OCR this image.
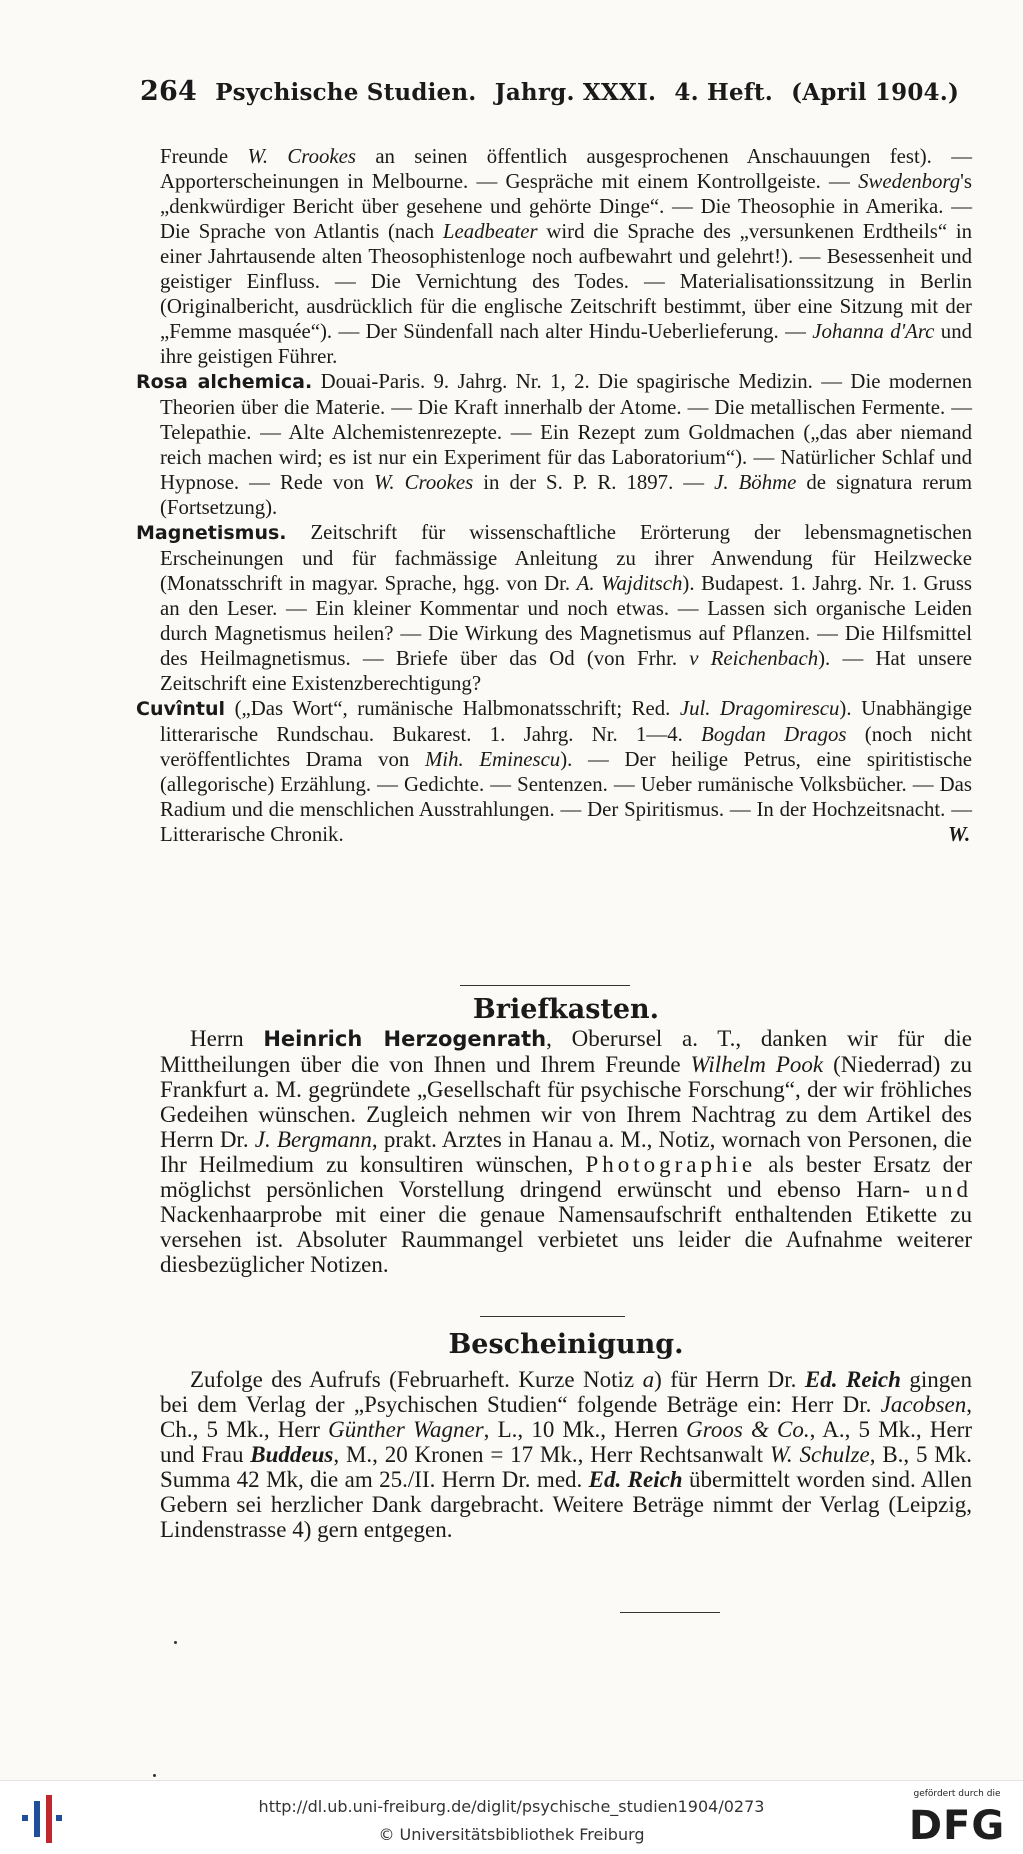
264 Psychische Studien. Jahrg. XXXI. 4. Heft. (April 1904.)

Freunde W. Crookes an seinen öffentlich ausgesprochenen Anschauungen fest). — Apporterscheinungen in Melbourne. — Gespräche mit einem Kontrollgeiste. — Swedenborg's „denkwürdiger Bericht über gesehene und gehörte Dinge“. — Die Theosophie in Amerika. — Die Sprache von Atlantis (nach Leadbeater wird die Sprache des „versunkenen Erdtheils“ in einer Jahrtausende alten Theosophistenloge noch aufbewahrt und gelehrt!). — Besessenheit und geistiger Einfluss. — Die Vernichtung des Todes. — Materialisationssitzung in Berlin (Originalbericht, ausdrücklich für die englische Zeitschrift bestimmt, über eine Sitzung mit der „Femme masquée“). — Der Sündenfall nach alter Hindu-Ueberlieferung. — Johanna d'Arc und ihre geistigen Führer.

Rosa alchemica. Douai-Paris. 9. Jahrg. Nr. 1, 2. Die spagirische Medizin. — Die modernen Theorien über die Materie. — Die Kraft innerhalb der Atome. — Die metallischen Fermente. — Telepathie. — Alte Alchemistenrezepte. — Ein Rezept zum Goldmachen („das aber niemand reich machen wird; es ist nur ein Experiment für das Laboratorium“). — Natürlicher Schlaf und Hypnose. — Rede von W. Crookes in der S. P. R. 1897. — J. Böhme de signatura rerum (Fortsetzung).

Magnetismus. Zeitschrift für wissenschaftliche Erörterung der lebensmagnetischen Erscheinungen und für fachmässige Anleitung zu ihrer Anwendung für Heilzwecke (Monatsschrift in magyar. Sprache, hgg. von Dr. A. Wajditsch). Budapest. 1. Jahrg. Nr. 1. Gruss an den Leser. — Ein kleiner Kommentar und noch etwas. — Lassen sich organische Leiden durch Magnetismus heilen? — Die Wirkung des Magnetismus auf Pflanzen. — Die Hilfsmittel des Heilmagnetismus. — Briefe über das Od (von Frhr. v Reichenbach). — Hat unsere Zeitschrift eine Existenzberechtigung?

Cuvîntul („Das Wort“, rumänische Halbmonatsschrift; Red. Jul. Dragomirescu). Unabhängige litterarische Rundschau. Bukarest. 1. Jahrg. Nr. 1—4. Bogdan Dragos (noch nicht veröffentlichtes Drama von Mih. Eminescu). — Der heilige Petrus, eine spiritistische (allegorische) Erzählung. — Gedichte. — Sentenzen. — Ueber rumänische Volksbücher. — Das Radium und die menschlichen Ausstrahlungen. — Der Spiritismus. — In der Hochzeitsnacht. — Litterarische Chronik.	W.

Briefkasten.

Herrn Heinrich Herzogenrath, Oberursel a. T., danken wir für die Mittheilungen über die von Ihnen und Ihrem Freunde Wilhelm Pook (Niederrad) zu Frankfurt a. M. gegründete „Gesellschaft für psychische Forschung“, der wir fröhliches Gedeihen wünschen. Zugleich nehmen wir von Ihrem Nachtrag zu dem Artikel des Herrn Dr. J. Bergmann, prakt. Arztes in Hanau a. M., Notiz, wornach von Personen, die Ihr Heilmedium zu konsultiren wünschen, Photographie als bester Ersatz der möglichst persönlichen Vorstellung dringend erwünscht und ebenso Harn- und Nackenhaarprobe mit einer die genaue Namensaufschrift enthaltenden Etikette zu versehen ist. Absoluter Raummangel verbietet uns leider die Aufnahme weiterer diesbezüglicher Notizen.

Bescheinigung.

Zufolge des Aufrufs (Februarheft. Kurze Notiz a) für Herrn Dr. Ed. Reich gingen bei dem Verlag der „Psychischen Studien“ folgende Beträge ein: Herr Dr. Jacobsen, Ch., 5 Mk., Herr Günther Wagner, L., 10 Mk., Herren Groos & Co., A., 5 Mk., Herr und Frau Buddeus, M., 20 Kronen = 17 Mk., Herr Rechtsanwalt W. Schulze, B., 5 Mk. Summa 42 Mk, die am 25./II. Herrn Dr. med. Ed. Reich übermittelt worden sind. Allen Gebern sei herzlicher Dank dargebracht. Weitere Beträge nimmt der Verlag (Leipzig, Lindenstrasse 4) gern entgegen.

http://dl.ub.uni-freiburg.de/diglit/psychische_studien1904/0273
© Universitätsbibliothek Freiburg
gefördert durch die
DFG
